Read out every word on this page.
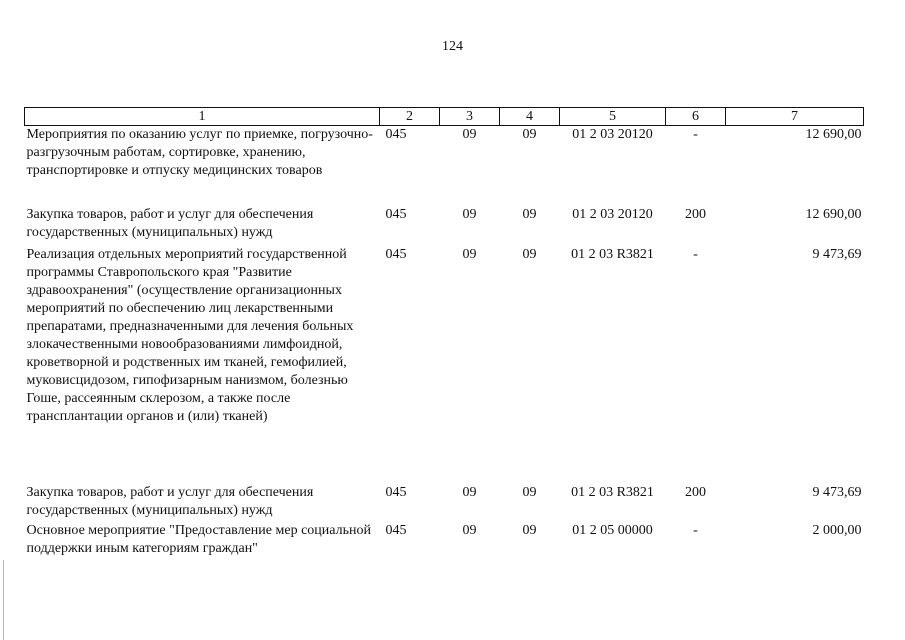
124
1	2	3	4	5	6	7
Мероприятия по оказанию услуг по приемке, погрузочно-разгрузочным работам, сортировке, хранению, транспортировке и отпуску медицинских товаров	045	09	09	01 2 03 20120	-	12 690,00
Закупка товаров, работ и услуг для обеспечения государственных (муниципальных) нужд	045	09	09	01 2 03 20120	200	12 690,00
Реализация отдельных мероприятий государственной программы Ставропольского края "Развитие здравоохранения" (осуществление организационных мероприятий по обеспечению лиц лекарственными препаратами, предназначенными для лечения больных злокачественными новообразованиями лимфоидной, кроветворной и родственных им тканей, гемофилией, муковисцидозом, гипофизарным нанизмом, болезнью Гоше, рассеянным склерозом, а также после трансплантации органов и (или) тканей)	045	09	09	01 2 03 R3821	-	9 473,69
Закупка товаров, работ и услуг для обеспечения государственных (муниципальных) нужд	045	09	09	01 2 03 R3821	200	9 473,69
Основное мероприятие "Предоставление мер социальной поддержки иным категориям граждан"	045	09	09	01 2 05 00000	-	2 000,00
